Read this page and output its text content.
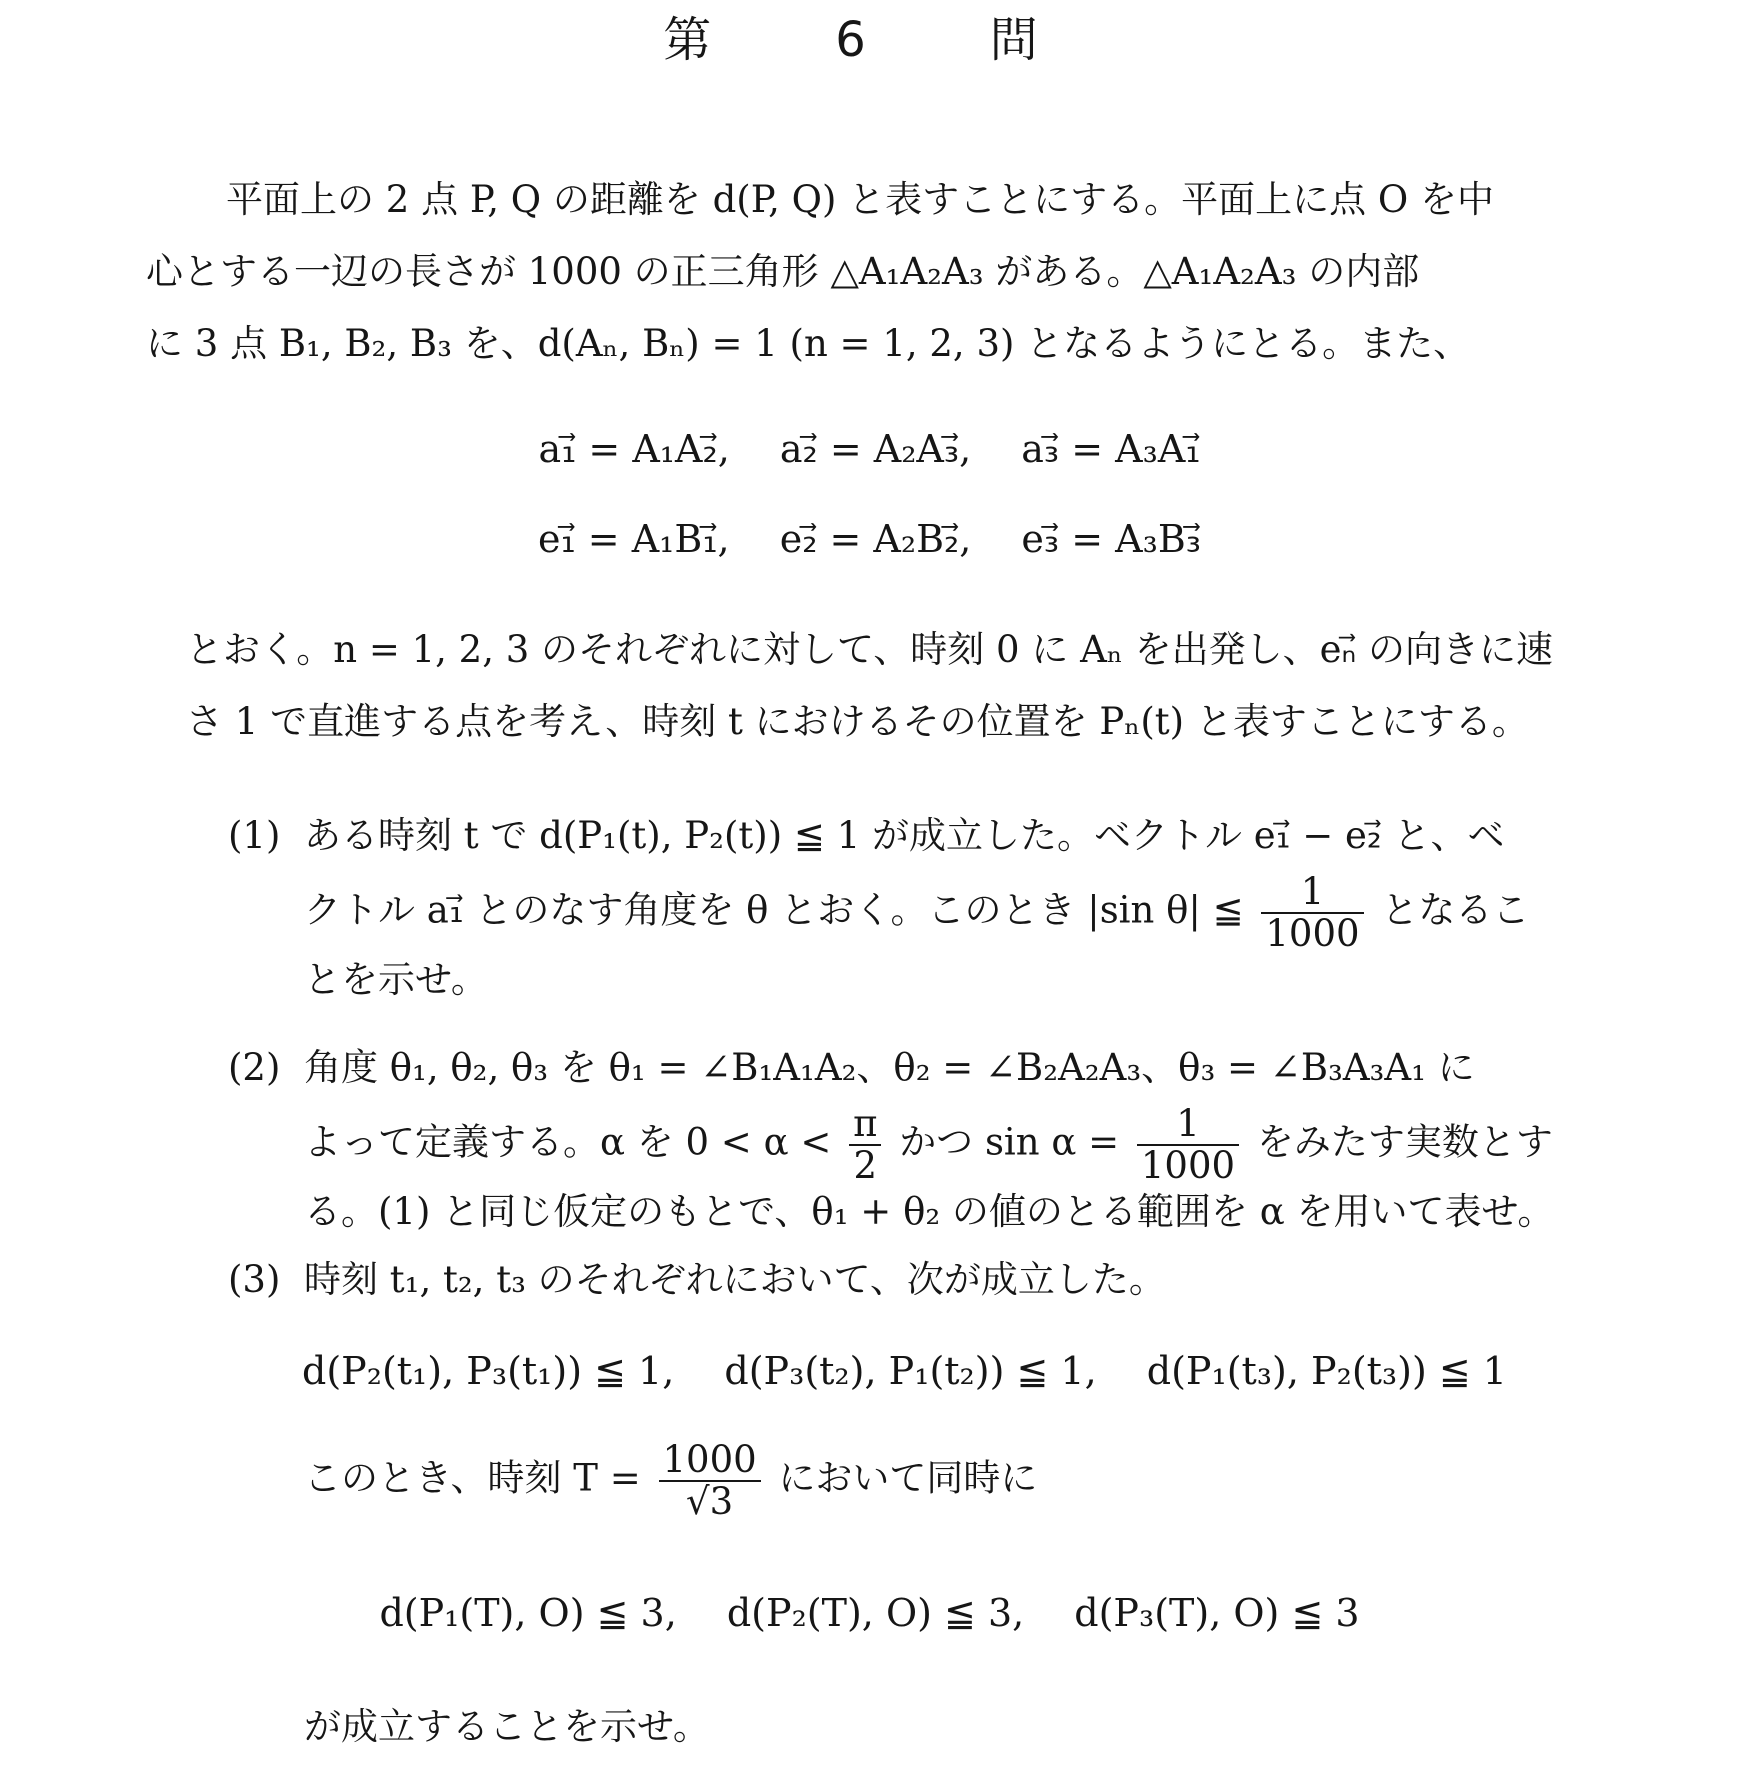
第　6　問
平面上の 2 点 P, Q の距離を d(P, Q) と表すことにする。平面上に点 O を中
心とする一辺の長さが 1000 の正三角形 △A₁A₂A₃ がある。△A₁A₂A₃ の内部
に 3 点 B₁, B₂, B₃ を、d(Aₙ, Bₙ) = 1 (n = 1, 2, 3) となるようにとる。また、
a₁⃗ = A₁A₂⃗,　 a₂⃗ = A₂A₃⃗,　 a₃⃗ = A₃A₁⃗
e₁⃗ = A₁B₁⃗,　 e₂⃗ = A₂B₂⃗,　 e₃⃗ = A₃B₃⃗
とおく。n = 1, 2, 3 のそれぞれに対して、時刻 0 に Aₙ を出発し、eₙ⃗ の向きに速
さ 1 で直進する点を考え、時刻 t におけるその位置を Pₙ(t) と表すことにする。
(1) ある時刻 t で d(P₁(t), P₂(t)) ≦ 1 が成立した。ベクトル e₁⃗ − e₂⃗ と、ベ
クトル a₁⃗ とのなす角度を θ とおく。このとき |sin θ| ≦ $\frac{1}{1000}$ となるこ
とを示せ。
(2) 角度 θ₁, θ₂, θ₃ を θ₁ = ∠B₁A₁A₂、θ₂ = ∠B₂A₂A₃、θ₃ = ∠B₃A₃A₁ に
よって定義する。α を $0 < \alpha < \frac{\pi}{2}$ かつ $\sin \alpha = \frac{1}{1000}$ をみたす実数とす
る。(1) と同じ仮定のもとで、θ₁ + θ₂ の値のとる範囲を α を用いて表せ。
(3) 時刻 t₁, t₂, t₃ のそれぞれにおいて、次が成立した。
d(P₂(t₁), P₃(t₁)) ≦ 1,　 d(P₃(t₂), P₁(t₂)) ≦ 1,　 d(P₁(t₃), P₂(t₃)) ≦ 1
このとき、時刻 $T = \frac{1000}{√3}$ において同時に
d(P₁(T), O) ≦ 3,　 d(P₂(T), O) ≦ 3,　 d(P₃(T), O) ≦ 3
が成立することを示せ。
